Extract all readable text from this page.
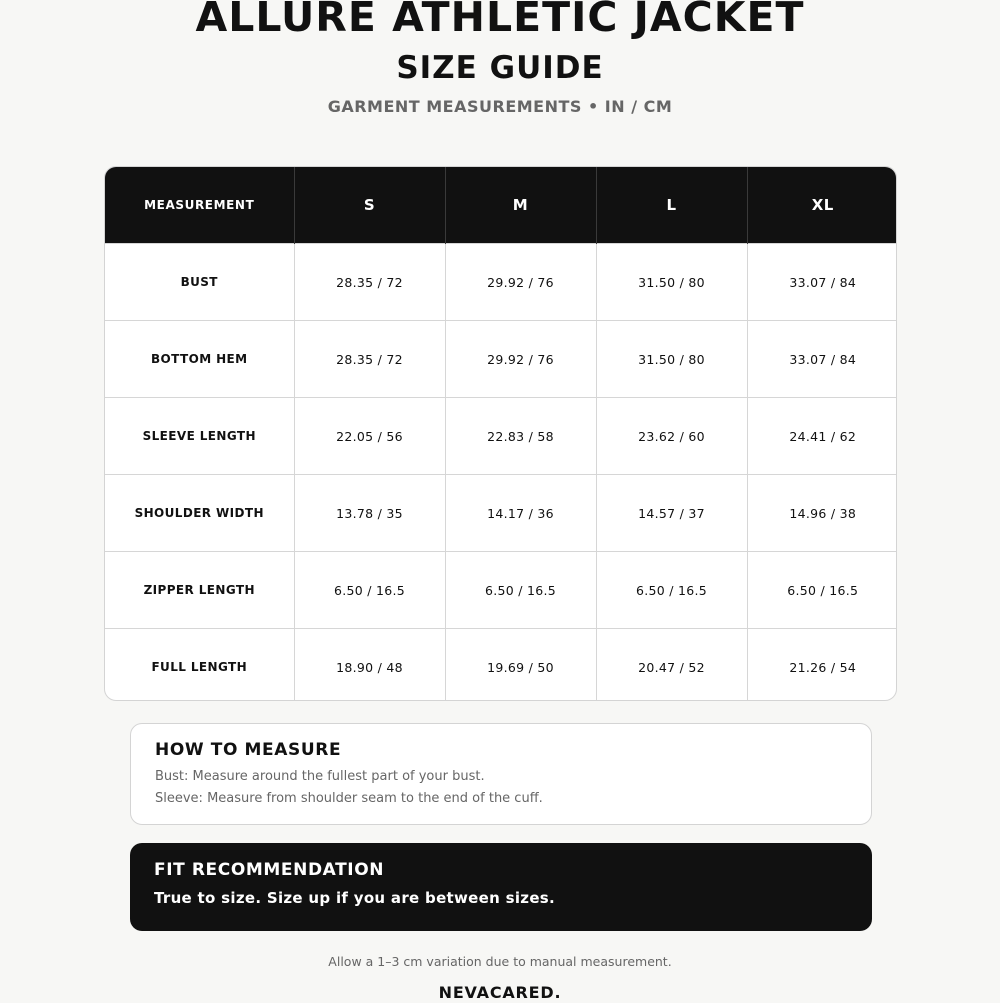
ALLURE ATHLETIC JACKET
SIZE GUIDE
GARMENT MEASUREMENTS • IN / CM
MEASUREMENT	S	M	L	XL
BUST	28.35 / 72	29.92 / 76	31.50 / 80	33.07 / 84
BOTTOM HEM	28.35 / 72	29.92 / 76	31.50 / 80	33.07 / 84
SLEEVE LENGTH	22.05 / 56	22.83 / 58	23.62 / 60	24.41 / 62
SHOULDER WIDTH	13.78 / 35	14.17 / 36	14.57 / 37	14.96 / 38
ZIPPER LENGTH	6.50 / 16.5	6.50 / 16.5	6.50 / 16.5	6.50 / 16.5
FULL LENGTH	18.90 / 48	19.69 / 50	20.47 / 52	21.26 / 54
HOW TO MEASURE

Bust: Measure around the fullest part of your bust.

Sleeve: Measure from shoulder seam to the end of the cuff.

FIT RECOMMENDATION

True to size. Size up if you are between sizes.

Allow a 1–3 cm variation due to manual measurement.
NEVACARED.
